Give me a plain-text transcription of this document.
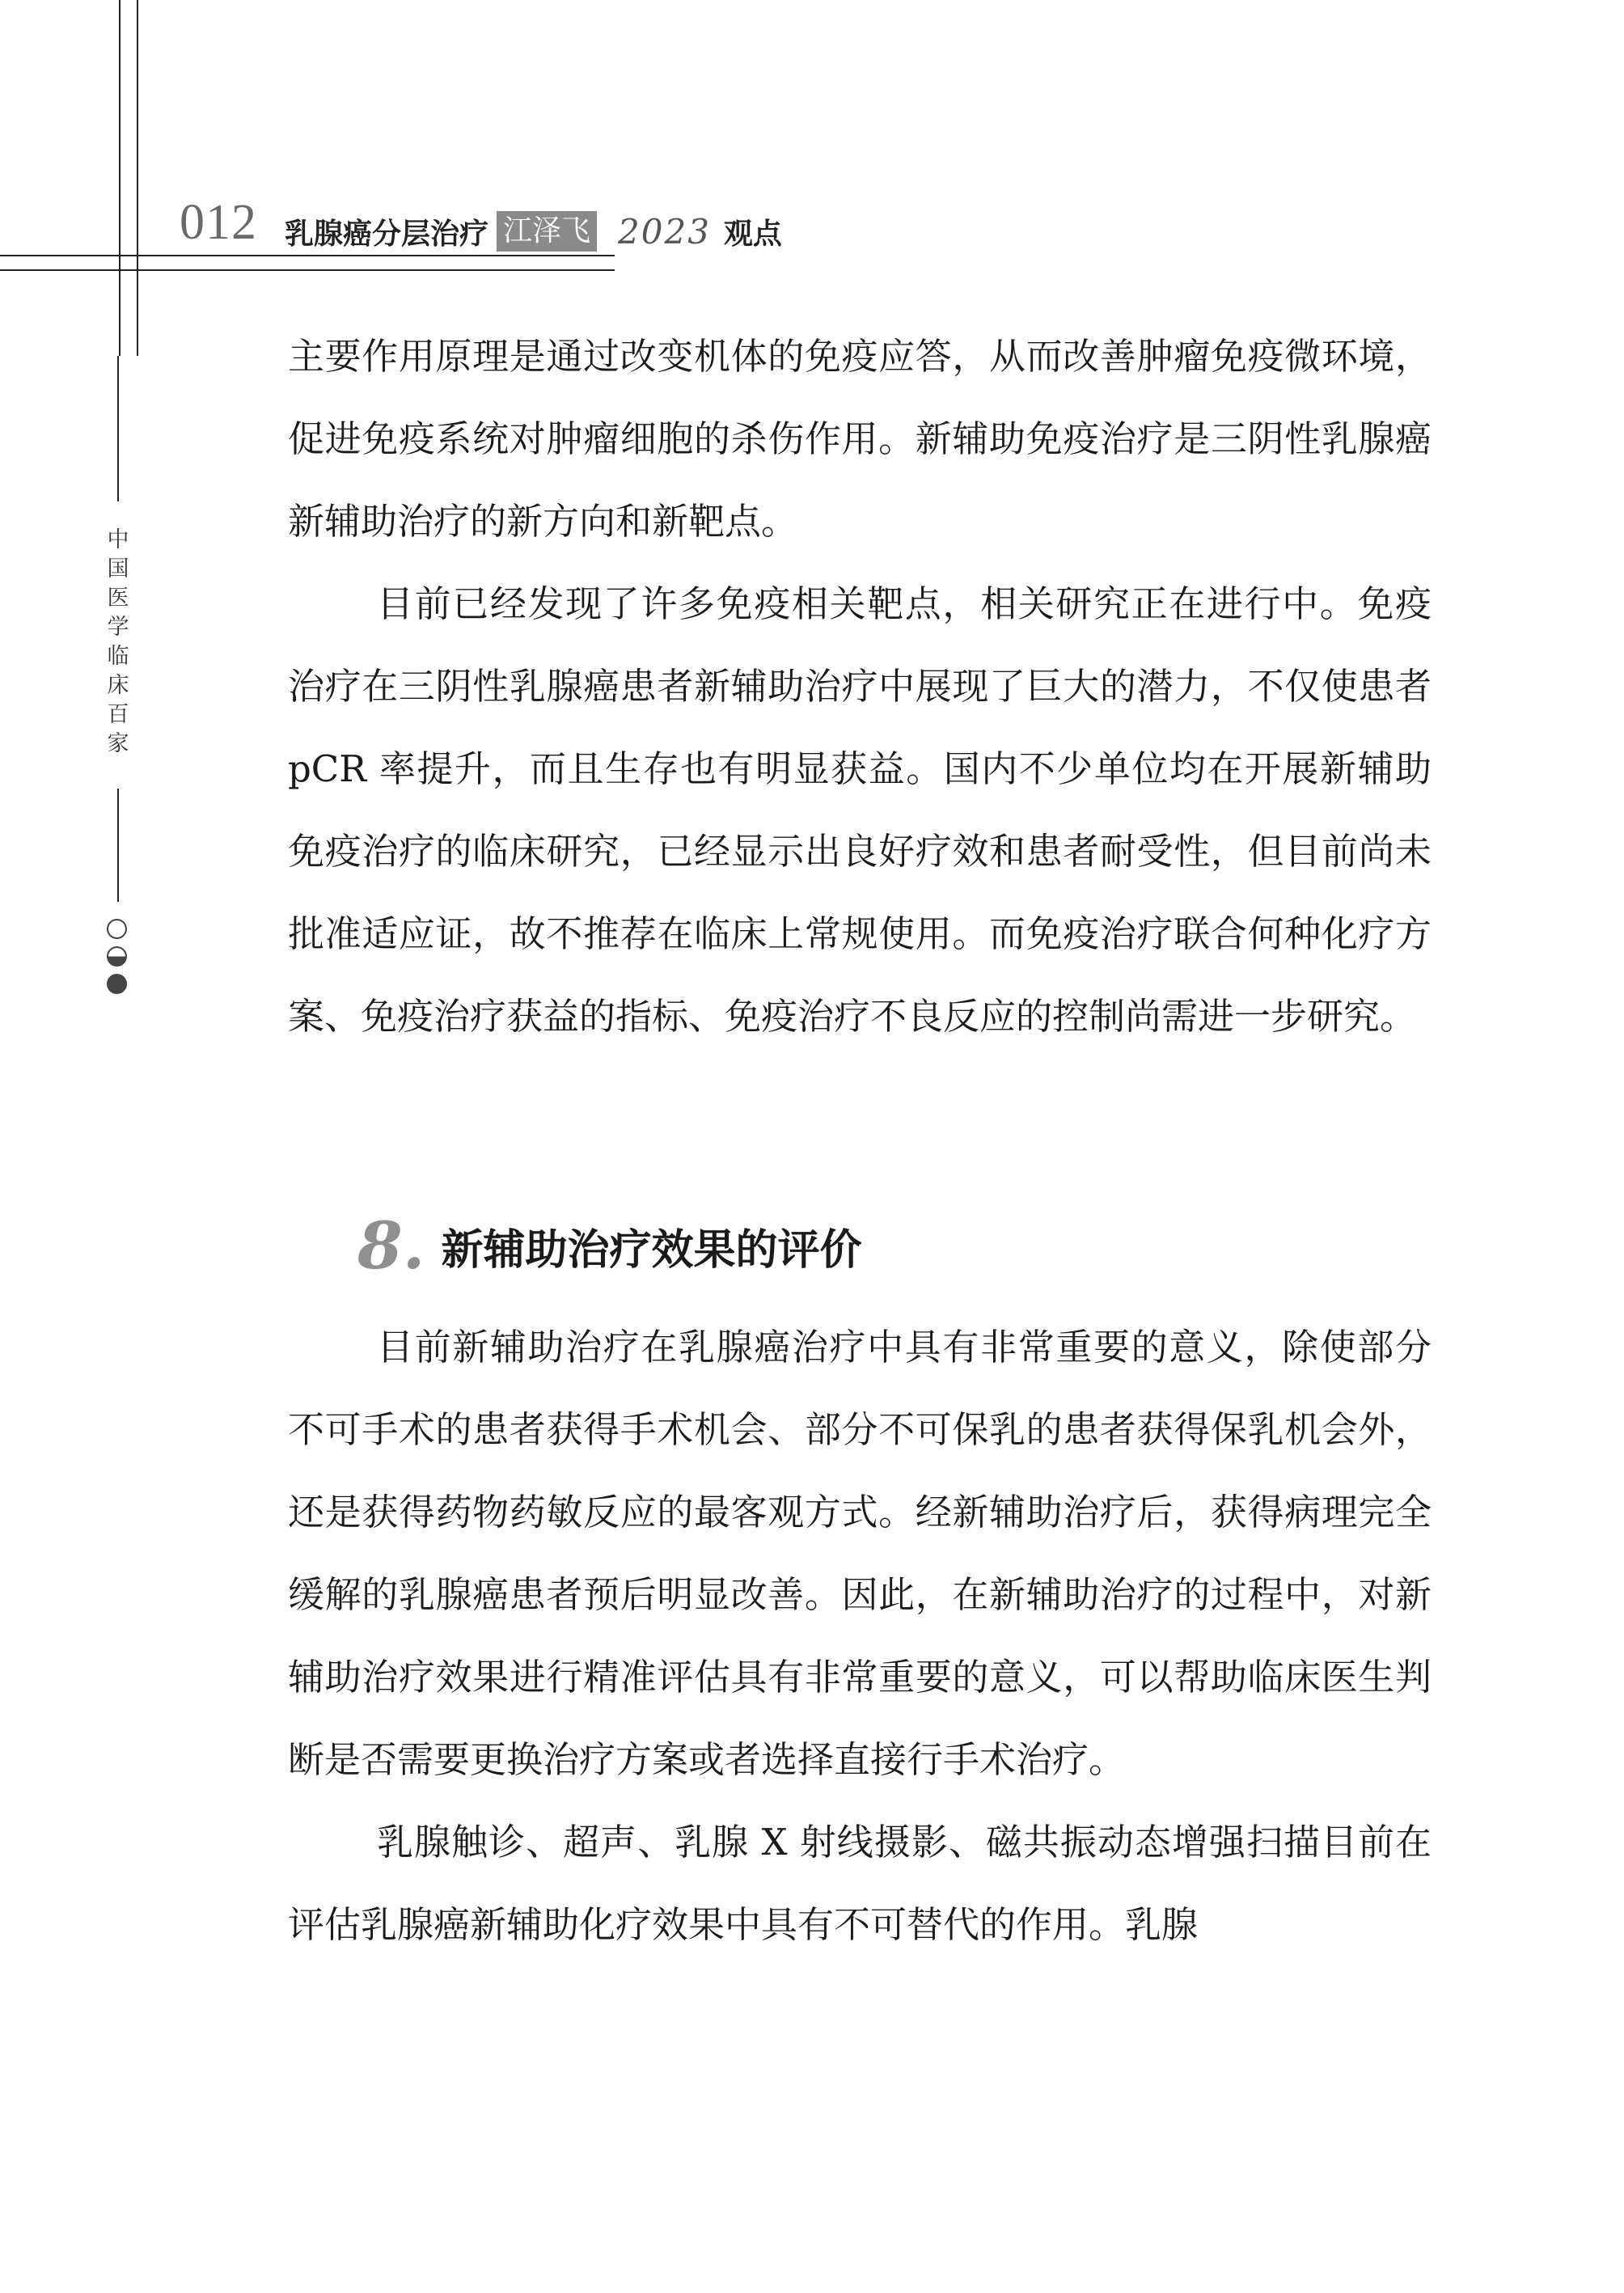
012 乳腺癌分层治疗 江泽飞 2023 观点
中国医学临床百家

主要作用原理是通过改变机体的免疫应答，从而改善肿瘤免疫微环境，促进免疫系统对肿瘤细胞的杀伤作用。新辅助免疫治疗是三阴性乳腺癌新辅助治疗的新方向和新靶点。

目前已经发现了许多免疫相关靶点，相关研究正在进行中。免疫治疗在三阴性乳腺癌患者新辅助治疗中展现了巨大的潜力，不仅使患者 pCR 率提升，而且生存也有明显获益。国内不少单位均在开展新辅助免疫治疗的临床研究，已经显示出良好疗效和患者耐受性，但目前尚未批准适应证，故不推荐在临床上常规使用。而免疫治疗联合何种化疗方案、免疫治疗获益的指标、免疫治疗不良反应的控制尚需进一步研究。

8. 新辅助治疗效果的评价

目前新辅助治疗在乳腺癌治疗中具有非常重要的意义，除使部分不可手术的患者获得手术机会、部分不可保乳的患者获得保乳机会外，还是获得药物药敏反应的最客观方式。经新辅助治疗后，获得病理完全缓解的乳腺癌患者预后明显改善。因此，在新辅助治疗的过程中，对新辅助治疗效果进行精准评估具有非常重要的意义，可以帮助临床医生判断是否需要更换治疗方案或者选择直接行手术治疗。

乳腺触诊、超声、乳腺 X 射线摄影、磁共振动态增强扫描目前在评估乳腺癌新辅助化疗效果中具有不可替代的作用。乳腺
